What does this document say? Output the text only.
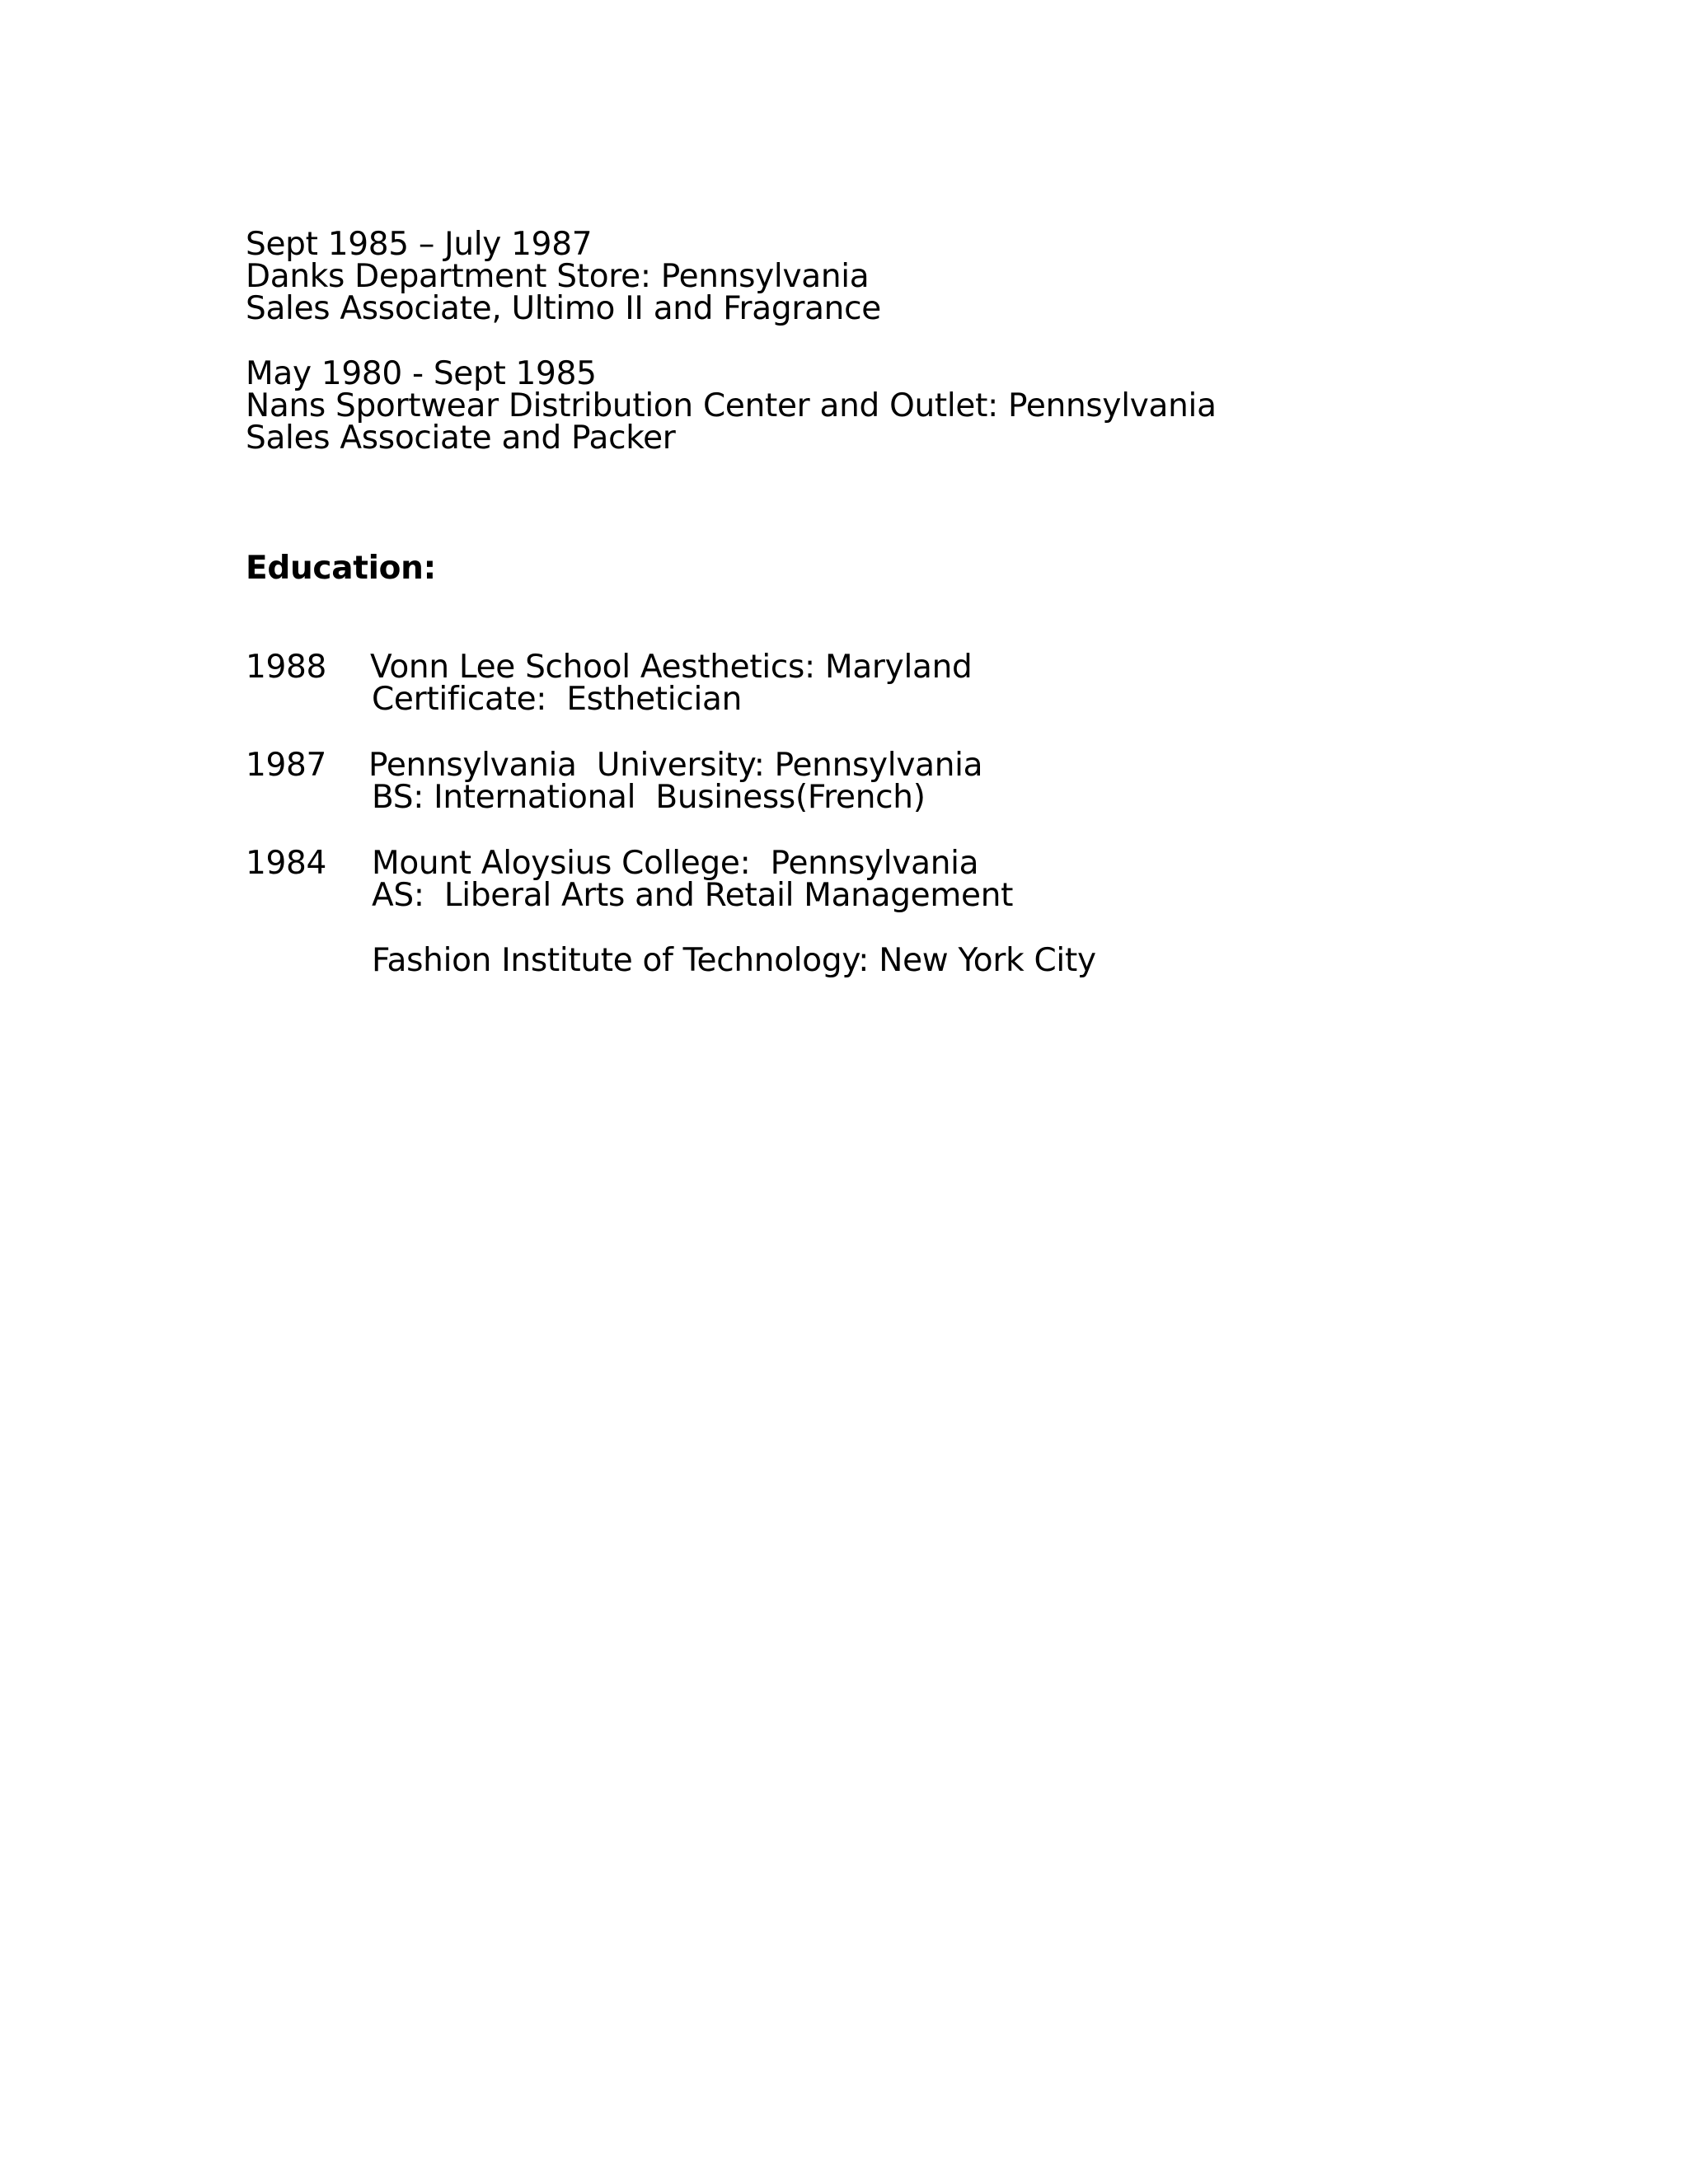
Sept 1985 – July 1987
Danks Department Store: Pennsylvania
Sales Associate, Ultimo II and Fragrance
May 1980 - Sept 1985
Nans Sportwear Distribution Center and Outlet: Pennsylvania
Sales Associate and Packer
Education:
1988 Vonn Lee School Aesthetics: Maryland
Certificate:  Esthetician
1987 Pennsylvania  University: Pennsylvania
BS: International  Business(French)
1984 Mount Aloysius College:  Pennsylvania
AS:  Liberal Arts and Retail Management
Fashion Institute of Technology: New York City
